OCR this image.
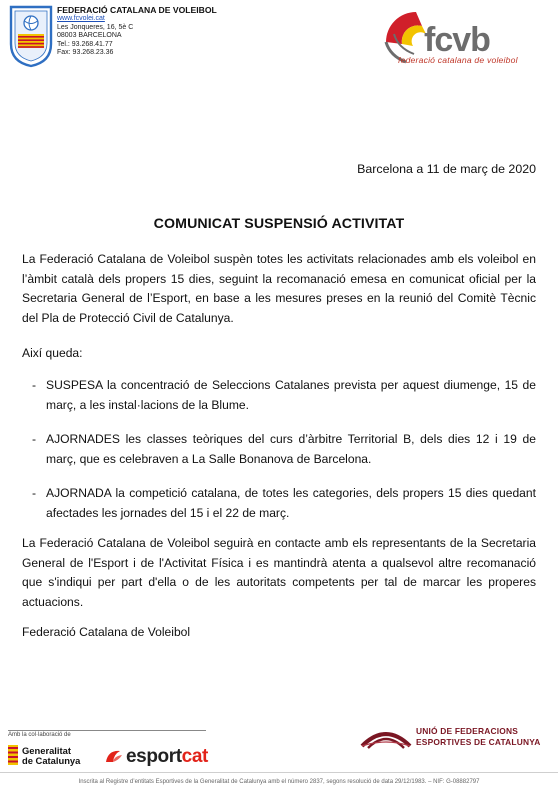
FEDERACIÓ CATALANA DE VOLEIBOL
www.fcvolei.cat
Les Jonqueres, 16, 5è C
08003 BARCELONA
Tel.: 93.268.41.77
Fax: 93.268.23.36	fcvb
federació catalana de voleibol
Barcelona a 11 de març de 2020
COMUNICAT SUSPENSIÓ ACTIVITAT
La Federació Catalana de Voleibol suspèn totes les activitats relacionades amb els voleibol en l’àmbit català dels propers 15 dies, seguint la recomanació emesa en comunicat oficial per la Secretaria General de l’Esport, en base a les mesures preses en la reunió del Comitè Tècnic del Pla de Protecció Civil de Catalunya.
Així queda:
- SUSPESA la concentració de Seleccions Catalanes prevista per aquest diumenge, 15 de març, a les instal·lacions de la Blume.
- AJORNADES les classes teòriques del curs d’àrbitre Territorial B, dels dies 12 i 19 de març, que es celebraven a La Salle Bonanova de Barcelona.
- AJORNADA la competició catalana, de totes les categories, dels propers 15 dies quedant afectades les jornades del 15 i el 22 de març.
La Federació Catalana de Voleibol seguirà en contacte amb els representants de la Secretaria General de l'Esport i de l'Activitat Física i es mantindrà atenta a qualsevol altre recomanació que s'indiqui per part d'ella o de les autoritats competents per tal de marcar les properes actuacions.
Federació Catalana de Voleibol
Amb la col·laboració de
Generalitat
de Catalunya esportcat
UNIÓ DE FEDERACIONS
ESPORTIVES DE CATALUNYA
Inscrita al Registre d’entitats Esportives de la Generalitat de Catalunya amb el número 2837, segons resolució de data 29/12/1983. – NIF: G-08882797
